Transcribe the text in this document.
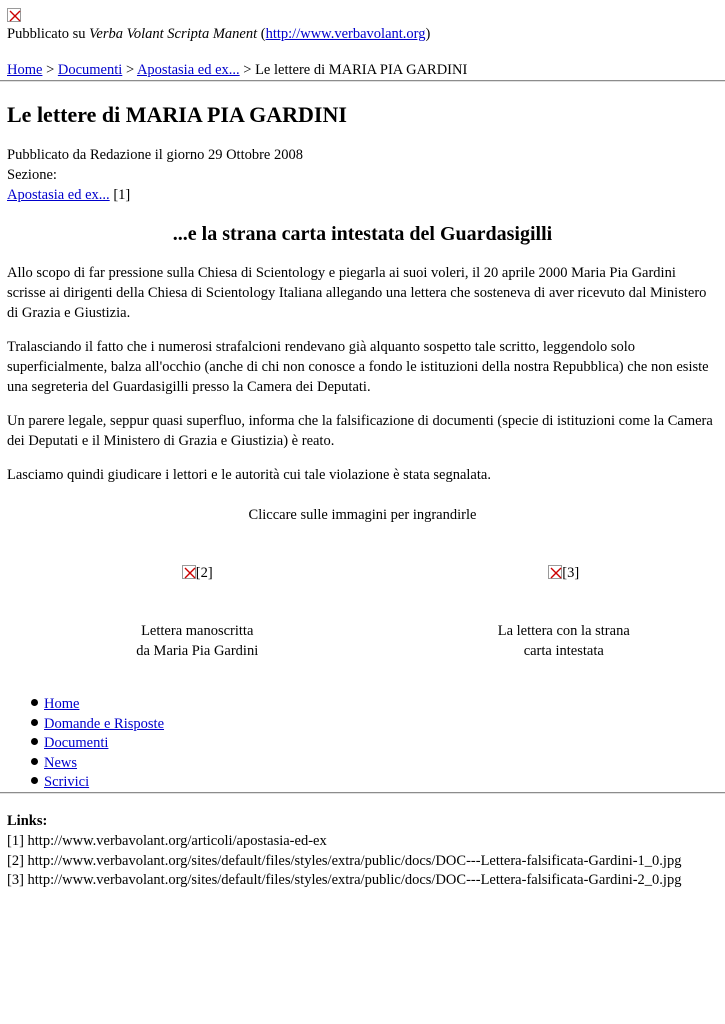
Pubblicato su Verba Volant Scripta Manent (http://www.verbavolant.org)

Home > Documenti > Apostasia ed ex... > Le lettere di MARIA PIA GARDINI
Le lettere di MARIA PIA GARDINI
Pubblicato da Redazione il giorno 29 Ottobre 2008
Sezione:
Apostasia ed ex... [1]
...e la strana carta intestata del Guardasigilli

Allo scopo di far pressione sulla Chiesa di Scientology e piegarla ai suoi voleri, il 20 aprile 2000 Maria Pia Gardini scrisse ai dirigenti della Chiesa di Scientology Italiana allegando una lettera che sosteneva di aver ricevuto dal Ministero di Grazia e Giustizia.

Tralasciando il fatto che i numerosi strafalcioni rendevano già alquanto sospetto tale scritto, leggendolo solo superficialmente, balza all'occhio (anche di chi non conosce a fondo le istituzioni della nostra Repubblica) che non esiste una segreteria del Guardasigilli presso la Camera dei Deputati.

Un parere legale, seppur quasi superfluo, informa che la falsificazione di documenti (specie di istituzioni come la Camera dei Deputati e il Ministero di Grazia e Giustizia) è reato.

Lasciamo quindi giudicare i lettori e le autorità cui tale violazione è stata segnalata.

Cliccare sulle immagini per ingrandirle
[2]	[3]
Lettera manoscritta
da Maria Pia Gardini
La lettera con la strana
carta intestata
Home
Domande e Risposte
Documenti
News
Scrivici
Links:
[1] http://www.verbavolant.org/articoli/apostasia-ed-ex
[2] http://www.verbavolant.org/sites/default/files/styles/extra/public/docs/DOC---Lettera-falsificata-Gardini-1_0.jpg
[3] http://www.verbavolant.org/sites/default/files/styles/extra/public/docs/DOC---Lettera-falsificata-Gardini-2_0.jpg
